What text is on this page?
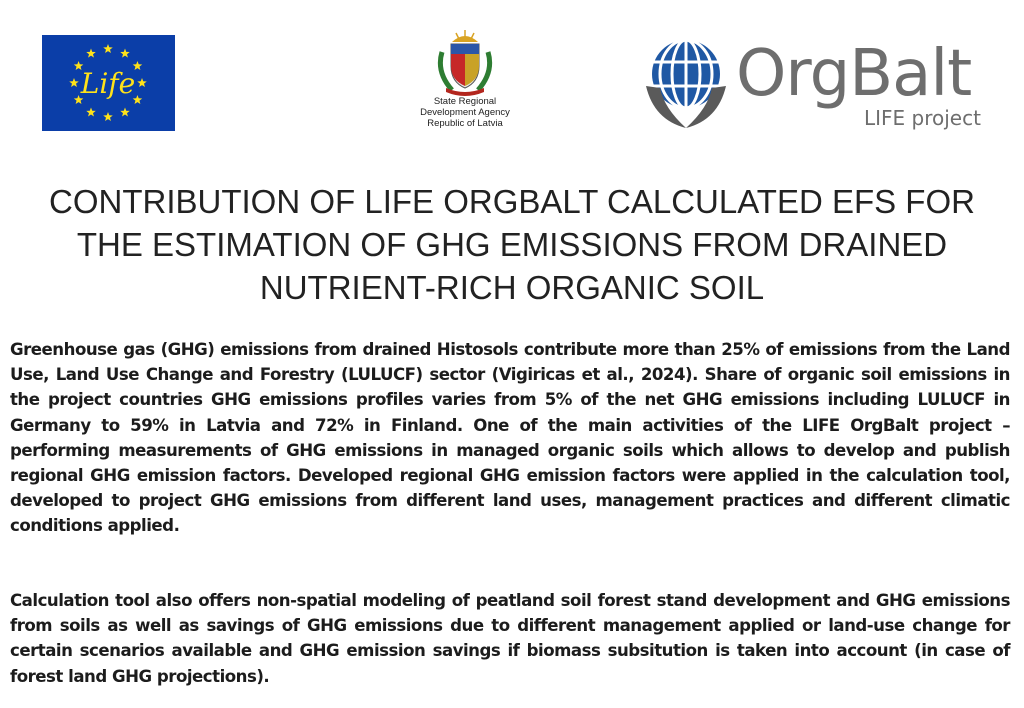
Life
State Regional
Development Agency
Republic of Latvia
OrgBalt
LIFE project
CONTRIBUTION OF LIFE ORGBALT CALCULATED EFS FOR
THE ESTIMATION OF GHG EMISSIONS FROM DRAINED
NUTRIENT-RICH ORGANIC SOIL

Greenhouse gas (GHG) emissions from drained Histosols contribute more than 25% of emissions from the Land Use, Land Use Change and Forestry (LULUCF) sector (Vigiricas et al., 2024). Share of organic soil emissions in the project countries GHG emissions profiles varies from 5% of the net GHG emissions including LULUCF in Germany to 59% in Latvia and 72% in Finland. One of the main activities of the LIFE OrgBalt project – performing measurements of GHG emissions in managed organic soils which allows to develop and publish regional GHG emission factors. Developed regional GHG emission factors were applied in the calculation tool, developed to project GHG emissions from different land uses, management practices and different climatic conditions applied.

Calculation tool also offers non-spatial modeling of peatland soil forest stand development and GHG emissions from soils as well as savings of GHG emissions due to different management applied or land-use change for certain scenarios available and GHG emission savings if biomass subsitution is taken into account (in case of forest land GHG projections).
